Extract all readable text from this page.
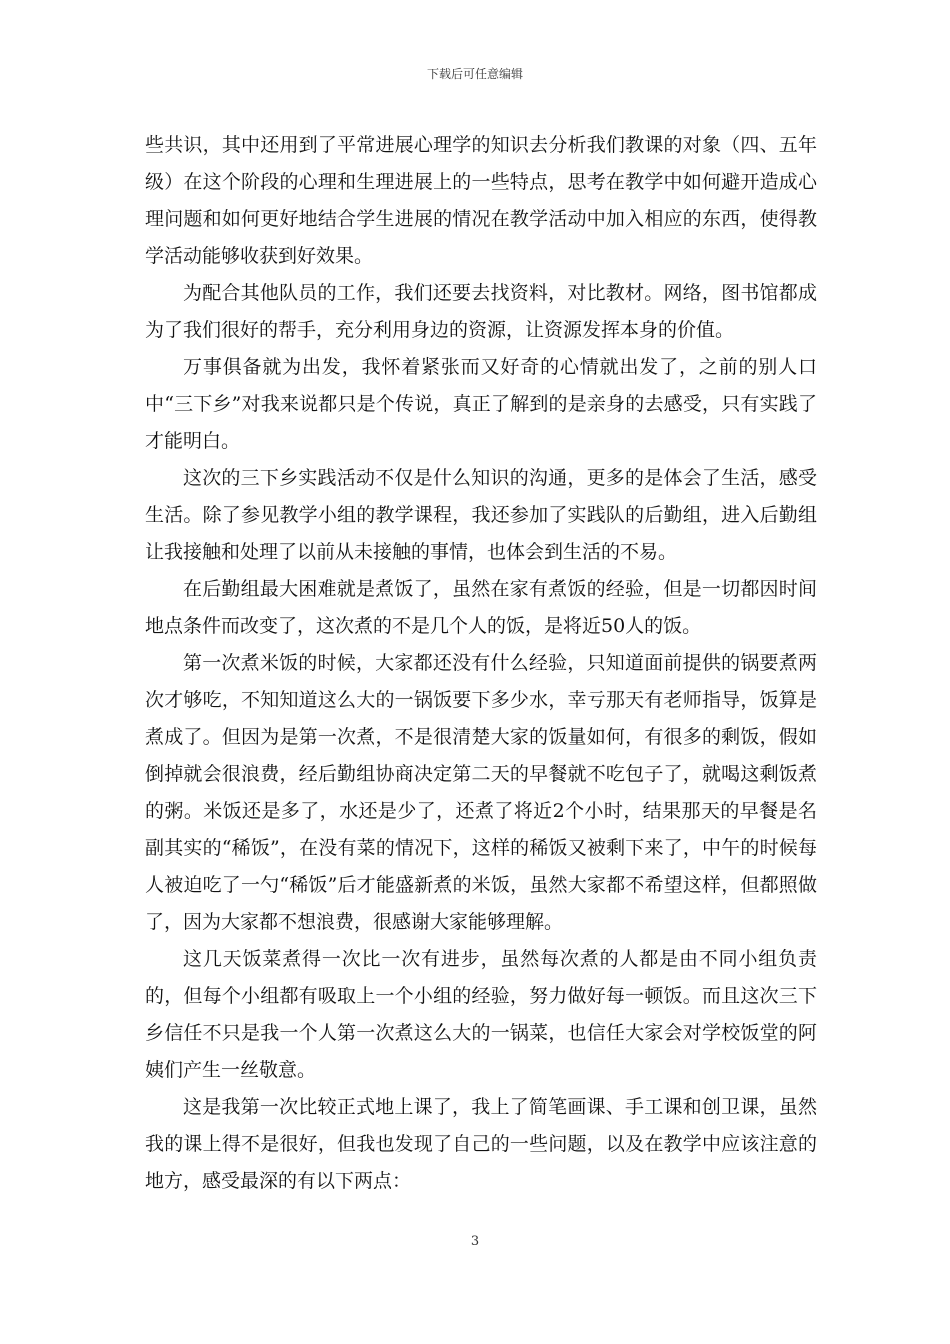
下载后可任意编辑

些共识，其中还用到了平常进展心理学的知识去分析我们教课的对象（四、五年级）在这个阶段的心理和生理进展上的一些特点，思考在教学中如何避开造成心理问题和如何更好地结合学生进展的情况在教学活动中加入相应的东西，使得教学活动能够收获到好效果。

为配合其他队员的工作，我们还要去找资料，对比教材。网络，图书馆都成为了我们很好的帮手，充分利用身边的资源，让资源发挥本身的价值。

万事俱备就为出发，我怀着紧张而又好奇的心情就出发了，之前的别人口中“三下乡”对我来说都只是个传说，真正了解到的是亲身的去感受，只有实践了才能明白。

这次的三下乡实践活动不仅是什么知识的沟通，更多的是体会了生活，感受生活。除了参见教学小组的教学课程，我还参加了实践队的后勤组，进入后勤组让我接触和处理了以前从未接触的事情，也体会到生活的不易。

在后勤组最大困难就是煮饭了，虽然在家有煮饭的经验，但是一切都因时间地点条件而改变了，这次煮的不是几个人的饭，是将近50人的饭。

第一次煮米饭的时候，大家都还没有什么经验，只知道面前提供的锅要煮两次才够吃，不知知道这么大的一锅饭要下多少水，幸亏那天有老师指导，饭算是煮成了。但因为是第一次煮，不是很清楚大家的饭量如何，有很多的剩饭，假如倒掉就会很浪费，经后勤组协商决定第二天的早餐就不吃包子了，就喝这剩饭煮的粥。米饭还是多了，水还是少了，还煮了将近2个小时，结果那天的早餐是名副其实的“稀饭”，在没有菜的情况下，这样的稀饭又被剩下来了，中午的时候每人被迫吃了一勺“稀饭”后才能盛新煮的米饭，虽然大家都不希望这样，但都照做了，因为大家都不想浪费，很感谢大家能够理解。

这几天饭菜煮得一次比一次有进步，虽然每次煮的人都是由不同小组负责的，但每个小组都有吸取上一个小组的经验，努力做好每一顿饭。而且这次三下乡信任不只是我一个人第一次煮这么大的一锅菜，也信任大家会对学校饭堂的阿姨们产生一丝敬意。

这是我第一次比较正式地上课了，我上了简笔画课、手工课和创卫课，虽然我的课上得不是很好，但我也发现了自己的一些问题，以及在教学中应该注意的地方，感受最深的有以下两点：

3
